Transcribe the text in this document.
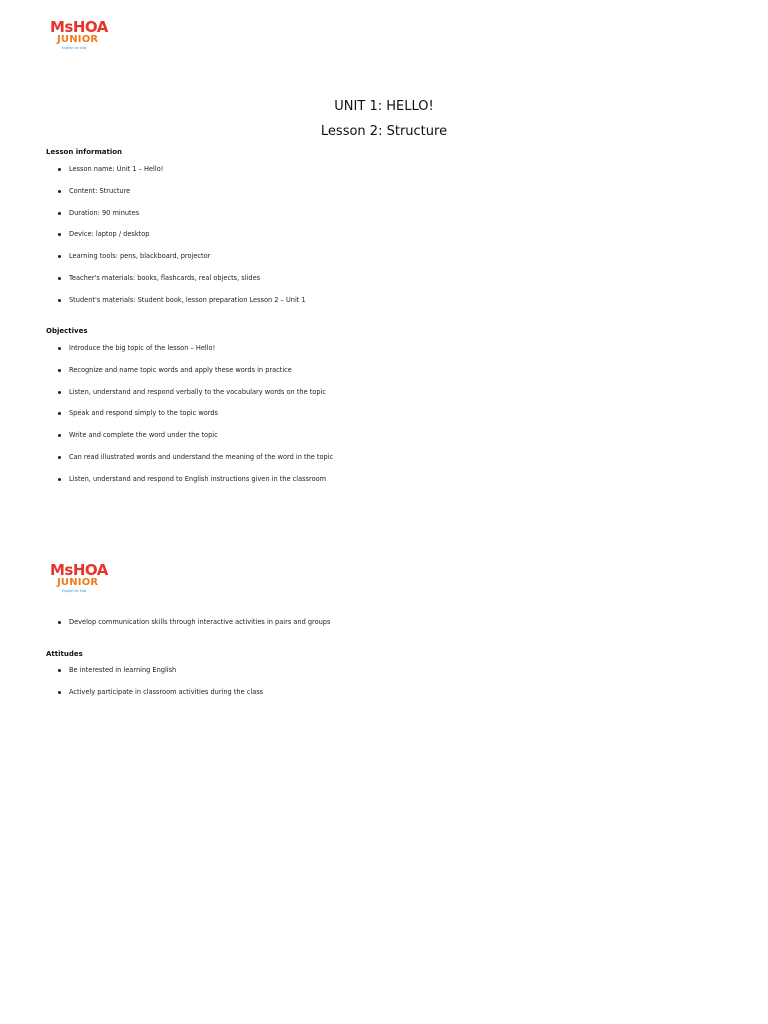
MsHOA
JUNIOR
English for kids
UNIT 1: HELLO!
Lesson 2: Structure
Lesson information
Lesson name: Unit 1 – Hello!
Content: Structure
Duration: 90 minutes
Device: laptop / desktop
Learning tools: pens, blackboard, projector
Teacher's materials: books, flashcards, real objects, slides
Student's materials: Student book, lesson preparation Lesson 2 – Unit 1
Objectives
Introduce the big topic of the lesson – Hello!
Recognize and name topic words and apply these words in practice
Listen, understand and respond verbally to the vocabulary words on the topic
Speak and respond simply to the topic words
Write and complete the word under the topic
Can read illustrated words and understand the meaning of the word in the topic
Listen, understand and respond to English instructions given in the classroom
MsHOA
JUNIOR
English for kids
Develop communication skills through interactive activities in pairs and groups
Attitudes
Be interested in learning English
Actively participate in classroom activities during the class
